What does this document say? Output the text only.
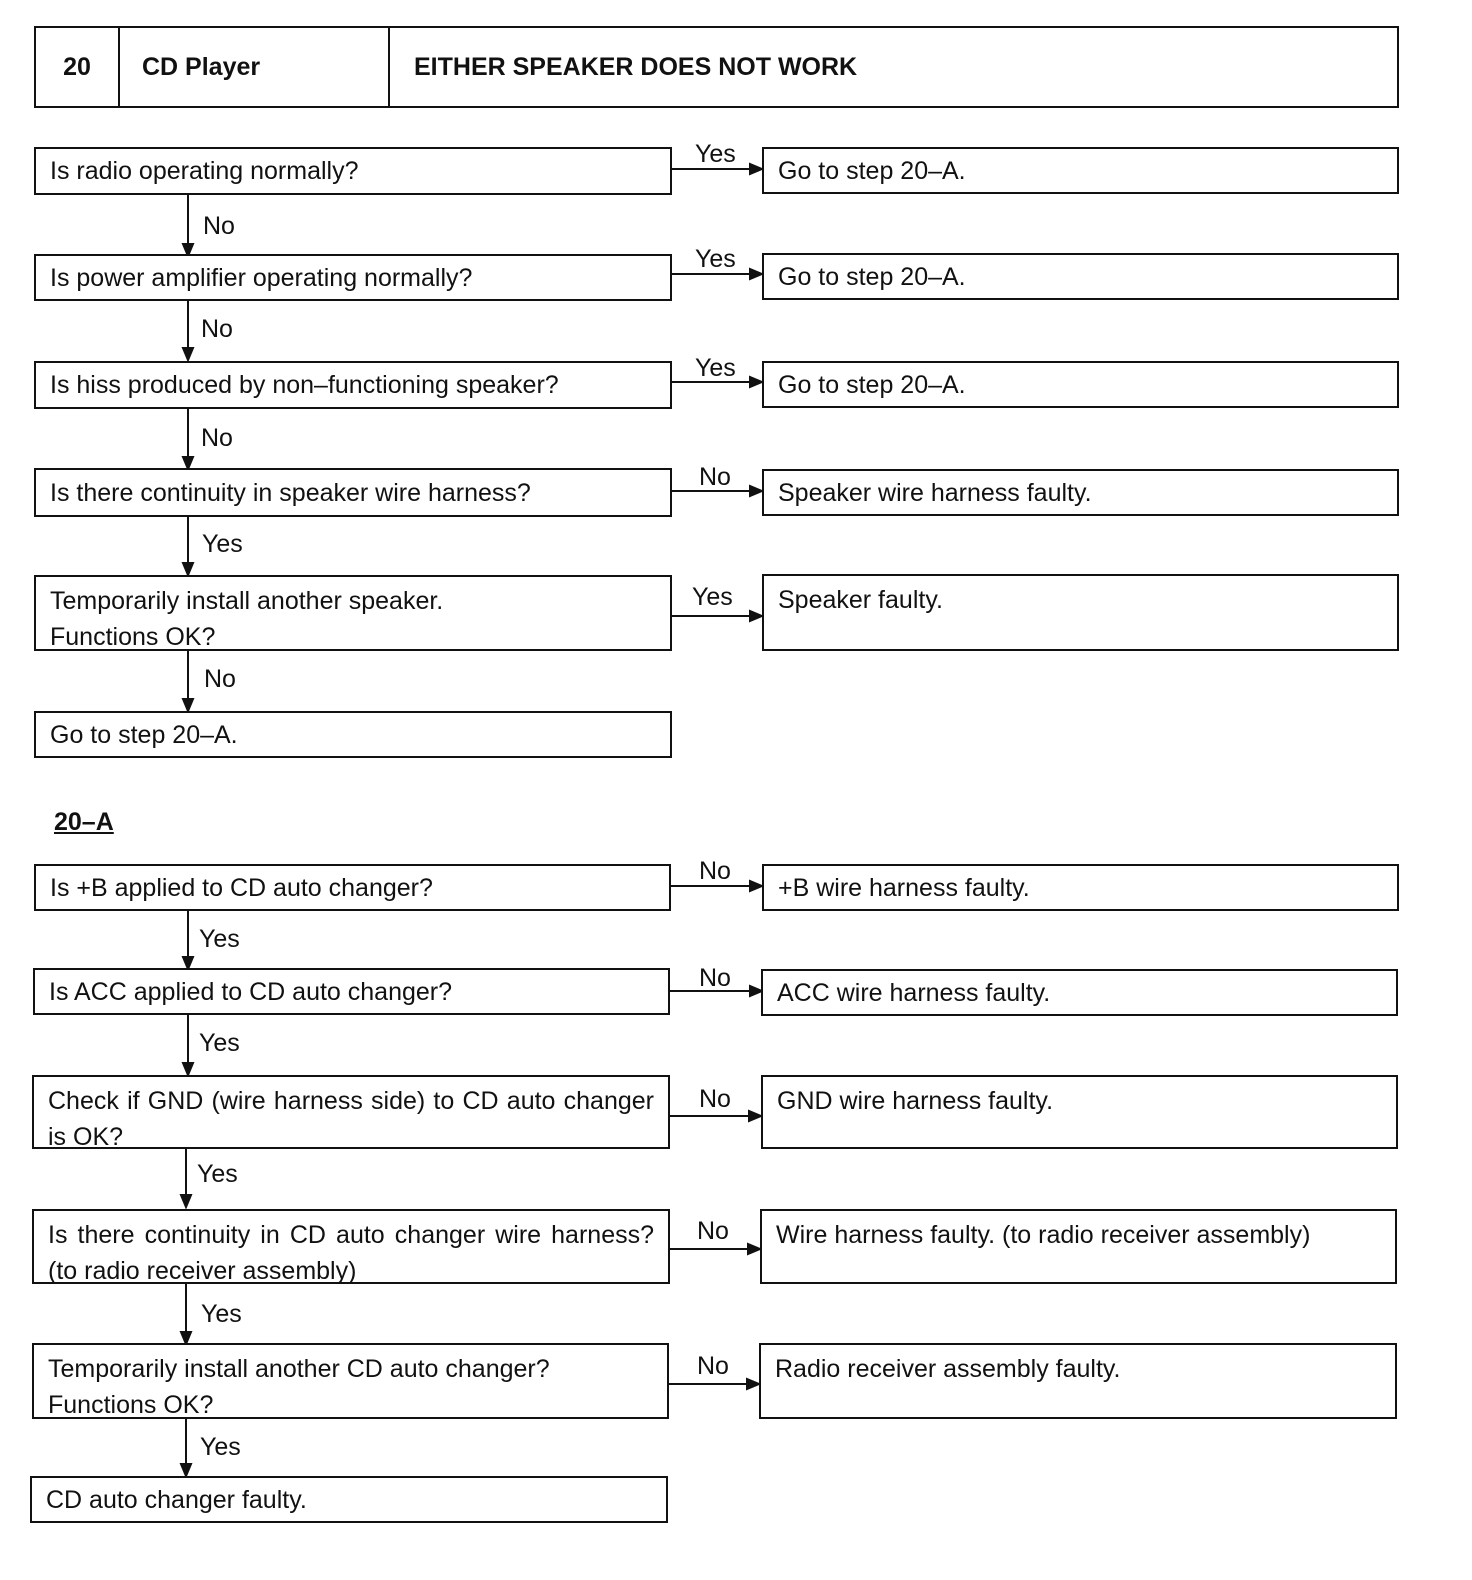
20	CD Player	EITHER SPEAKER DOES NOT WORK
Is radio operating normally?
Is power amplifier operating normally?
Is hiss produced by non–functioning speaker?
Is there continuity in speaker wire harness?
Temporarily install another speaker.
Functions OK?
Go to step 20–A.
Go to step 20–A.
Go to step 20–A.
Go to step 20–A.
Speaker wire harness faulty.
Speaker faulty.
Yes
Yes
Yes
No
Yes
No
No
No
Yes
No
20–A
Is +B applied to CD auto changer?
Is ACC applied to CD auto changer?
Check if GND (wire harness side) to CD auto changer is OK?
Is there continuity in CD auto changer wire harness? (to radio receiver assembly)
Temporarily install another CD auto changer?
Functions OK?
CD auto changer faulty.
+B wire harness faulty.
ACC wire harness faulty.
GND wire harness faulty.
Wire harness faulty. (to radio receiver assembly)
Radio receiver assembly faulty.
No
No
No
No
No
Yes
Yes
Yes
Yes
Yes
